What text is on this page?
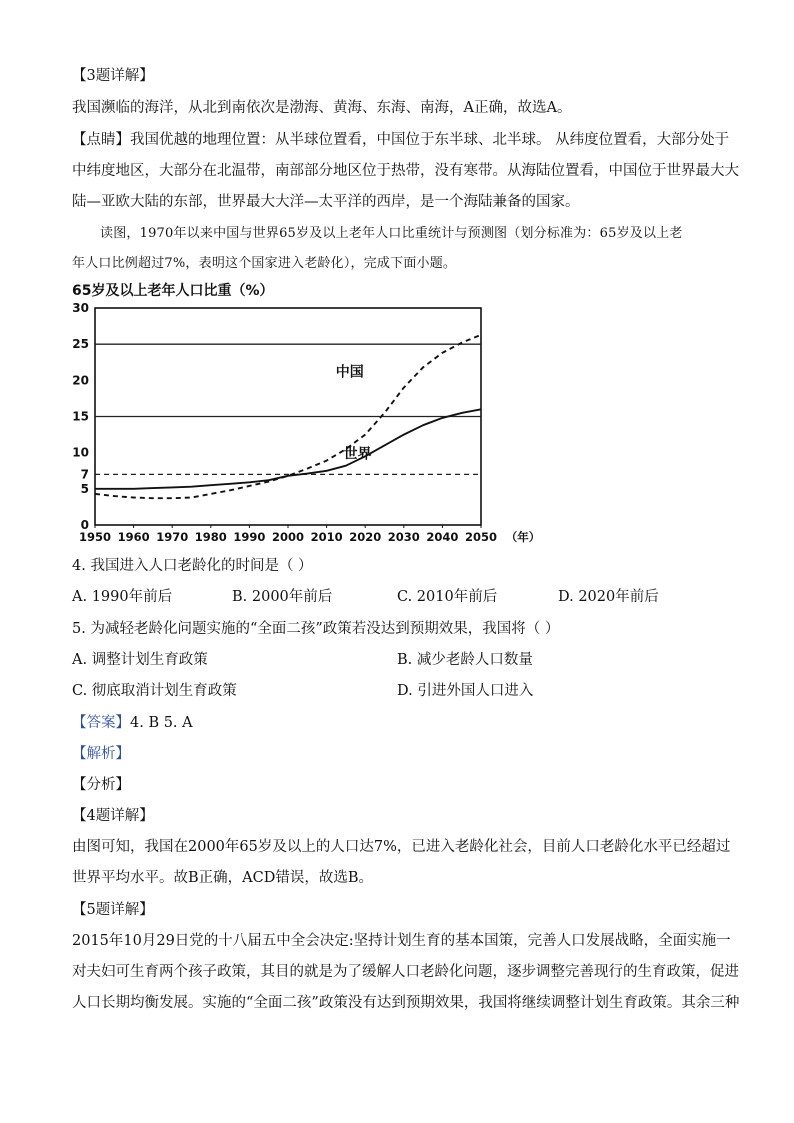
【3题详解】
我国濒临的海洋，从北到南依次是渤海、黄海、东海、南海，A正确，故选A。
【点睛】我国优越的地理位置：从半球位置看，中国位于东半球、北半球。 从纬度位置看，大部分处于
中纬度地区，大部分在北温带，南部部分地区位于热带，没有寒带。从海陆位置看，中国位于世界最大大
陆—亚欧大陆的东部，世界最大大洋—太平洋的西岸，是一个海陆兼备的国家。
读图，1970年以来中国与世界65岁及以上老年人口比重统计与预测图（划分标准为：65岁及以上老
年人口比例超过7%，表明这个国家进入老龄化），完成下面小题。
65岁及以上老年人口比重（%）
0
5
7
10
15
20
25
30
1950 1960 1970 1980 1990 2000 2010 2020 2030 2040 2050 （年）
中国
世界
4. 我国进入人口老龄化的时间是（ ）
A. 1990年前后	B. 2000年前后	C. 2010年前后	D. 2020年前后
5. 为减轻老龄化问题实施的“全面二孩”政策若没达到预期效果，我国将（ ）
A. 调整计划生育政策	B. 减少老龄人口数量
C. 彻底取消计划生育政策	D. 引进外国人口进入
【答案】4. B 5. A
【解析】
【分析】
【4题详解】
由图可知，我国在2000年65岁及以上的人口达7%，已进入老龄化社会，目前人口老龄化水平已经超过
世界平均水平。故B正确，ACD错误，故选B。
【5题详解】
2015年10月29日党的十八届五中全会决定:坚持计划生育的基本国策，完善人口发展战略，全面实施一
对夫妇可生育两个孩子政策，其目的就是为了缓解人口老龄化问题，逐步调整完善现行的生育政策，促进
人口长期均衡发展。实施的“全面二孩”政策没有达到预期效果，我国将继续调整计划生育政策。其余三种
